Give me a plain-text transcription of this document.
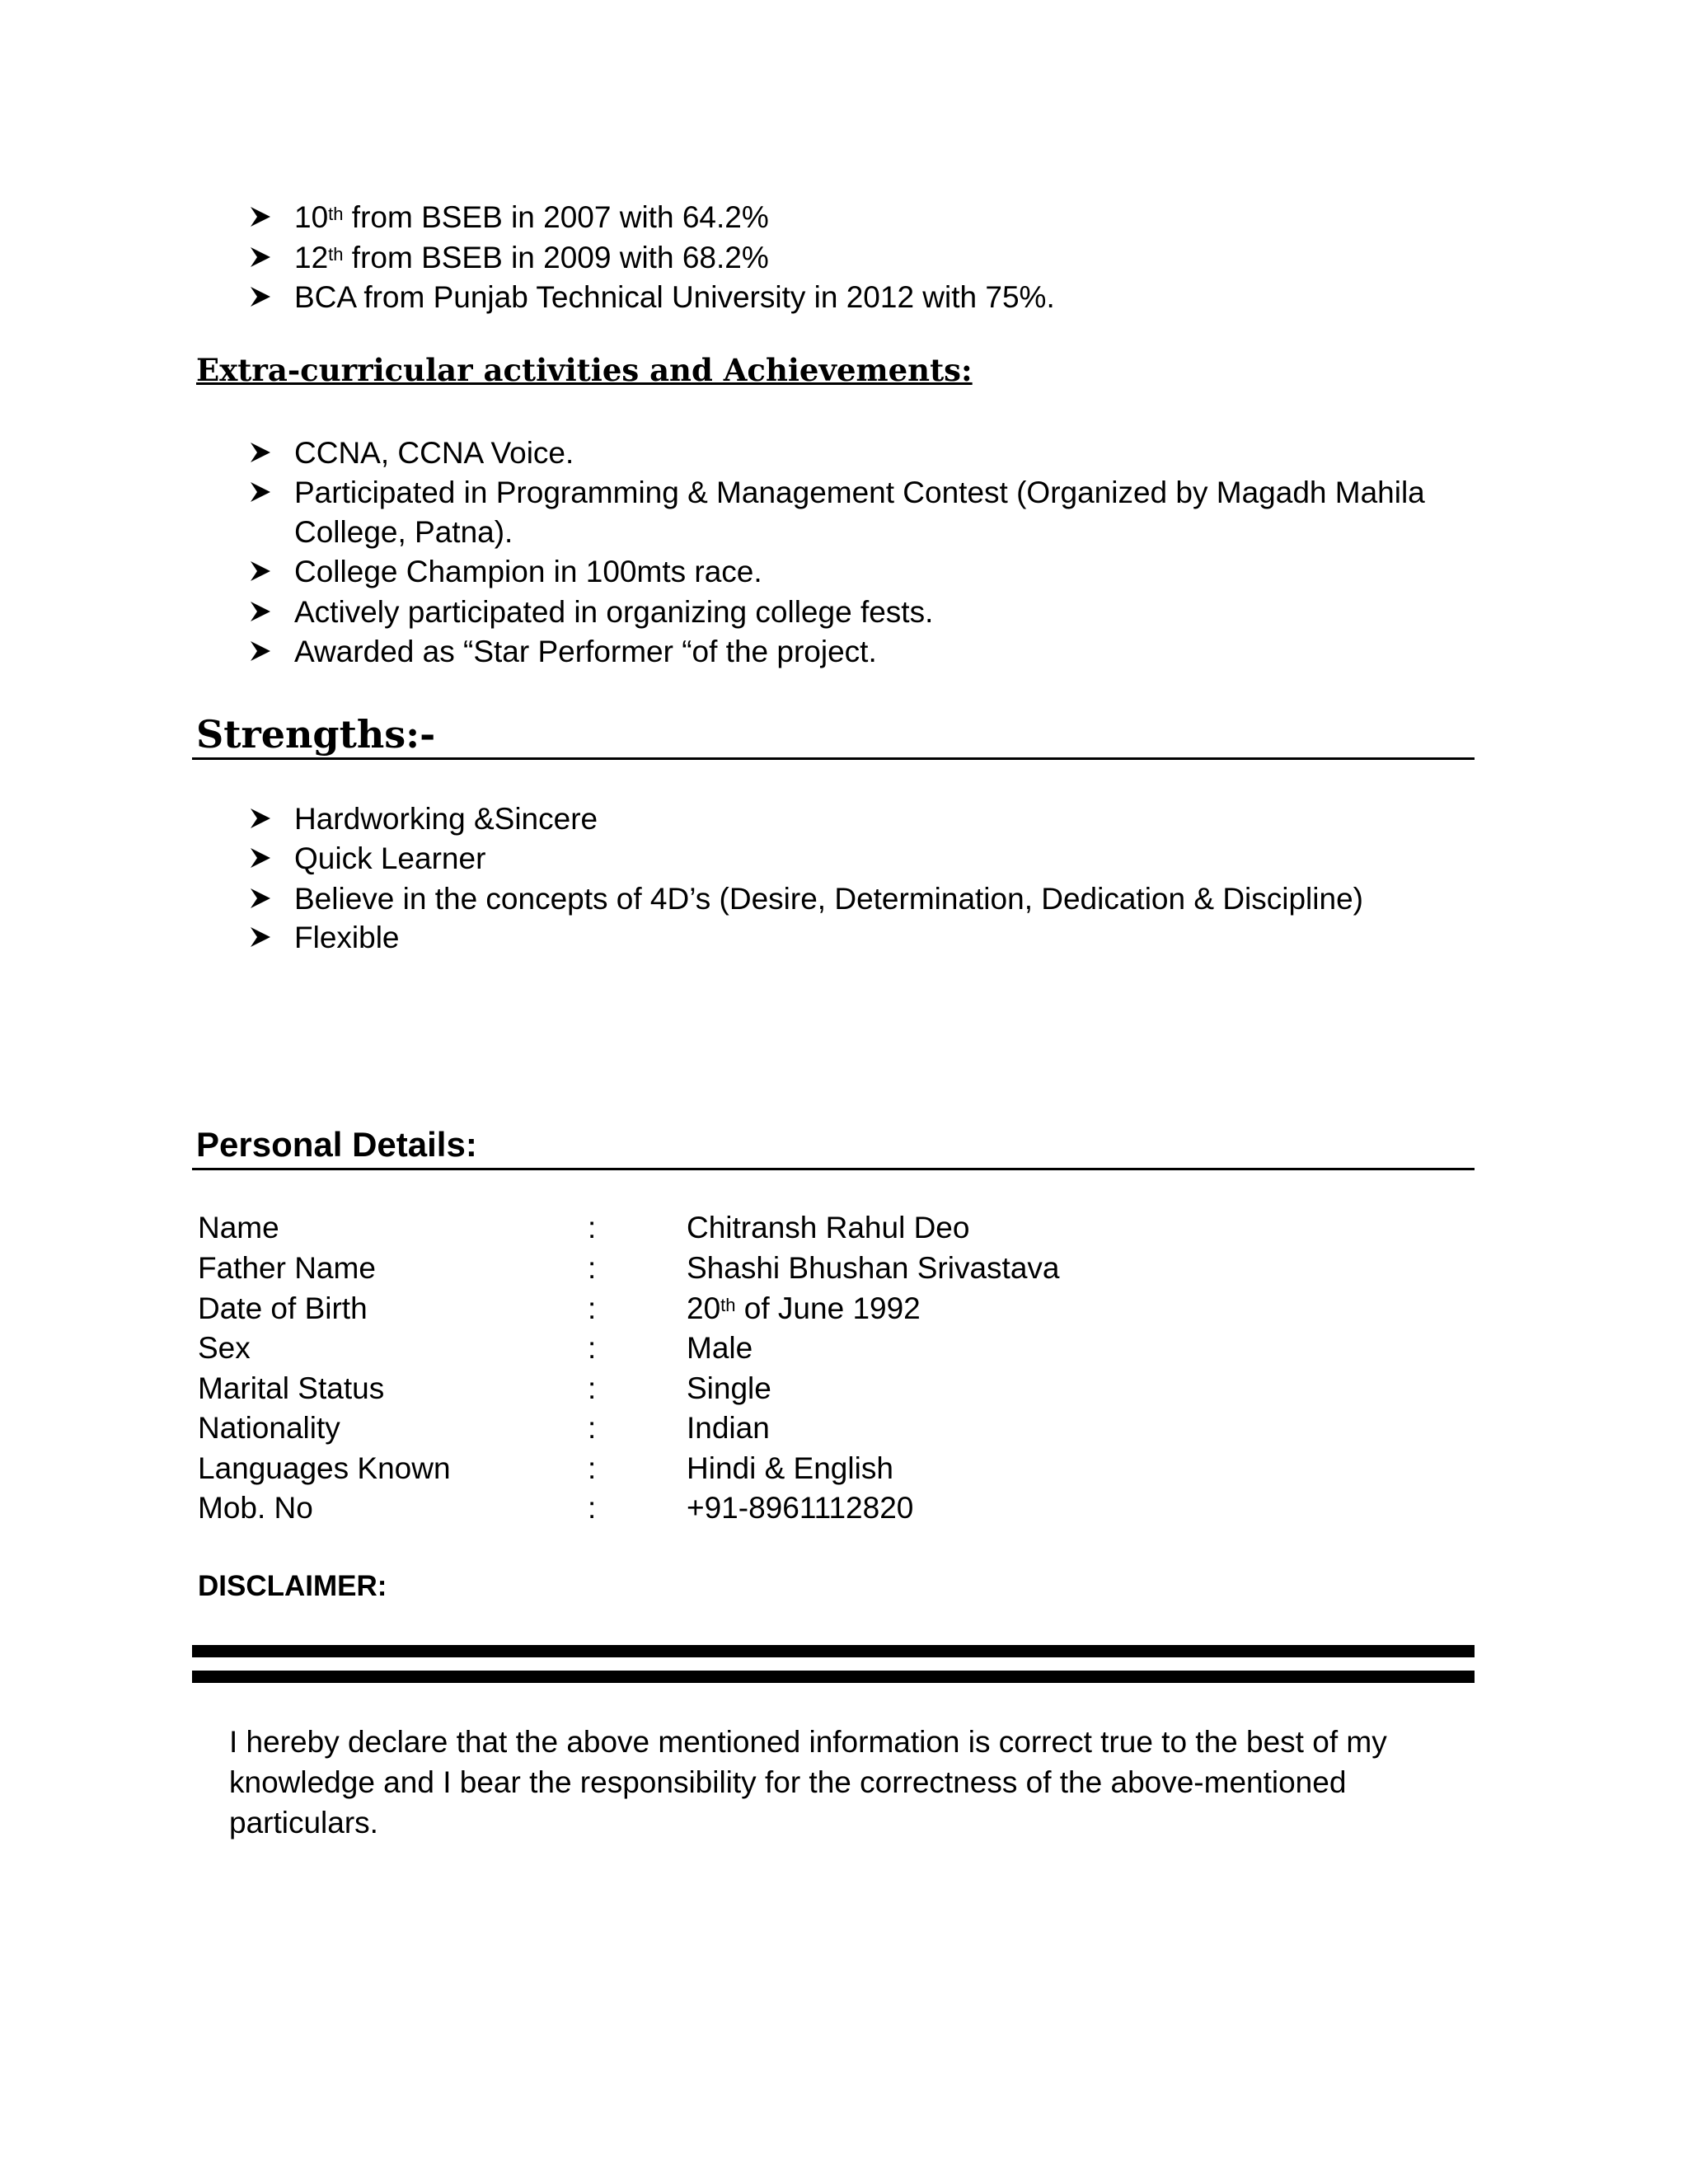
10th from BSEB in 2007 with 64.2%
12th from BSEB in 2009 with 68.2%
BCA from Punjab Technical University in 2012 with 75%.
Extra-curricular activities and Achievements:
CCNA, CCNA Voice.
Participated in Programming & Management Contest (Organized by Magadh Mahila
College, Patna).
College Champion in 100mts race.
Actively participated in organizing college fests.
Awarded as “Star Performer “of the project.
Strengths:-
Hardworking &Sincere
Quick Learner
Believe in the concepts of 4D’s (Desire, Determination, Dedication & Discipline)
Flexible
Personal Details:
Name	:	Chitransh Rahul Deo
Father Name	:	Shashi Bhushan Srivastava
Date of Birth	:	20th of June 1992
Sex	:	Male
Marital Status	:	Single
Nationality	:	Indian
Languages Known	:	Hindi & English
Mob. No	:	+91-8961112820
DISCLAIMER:
I hereby declare that the above mentioned information is correct true to the best of my knowledge and I bear the responsibility for the correctness of the above-mentioned particulars.
